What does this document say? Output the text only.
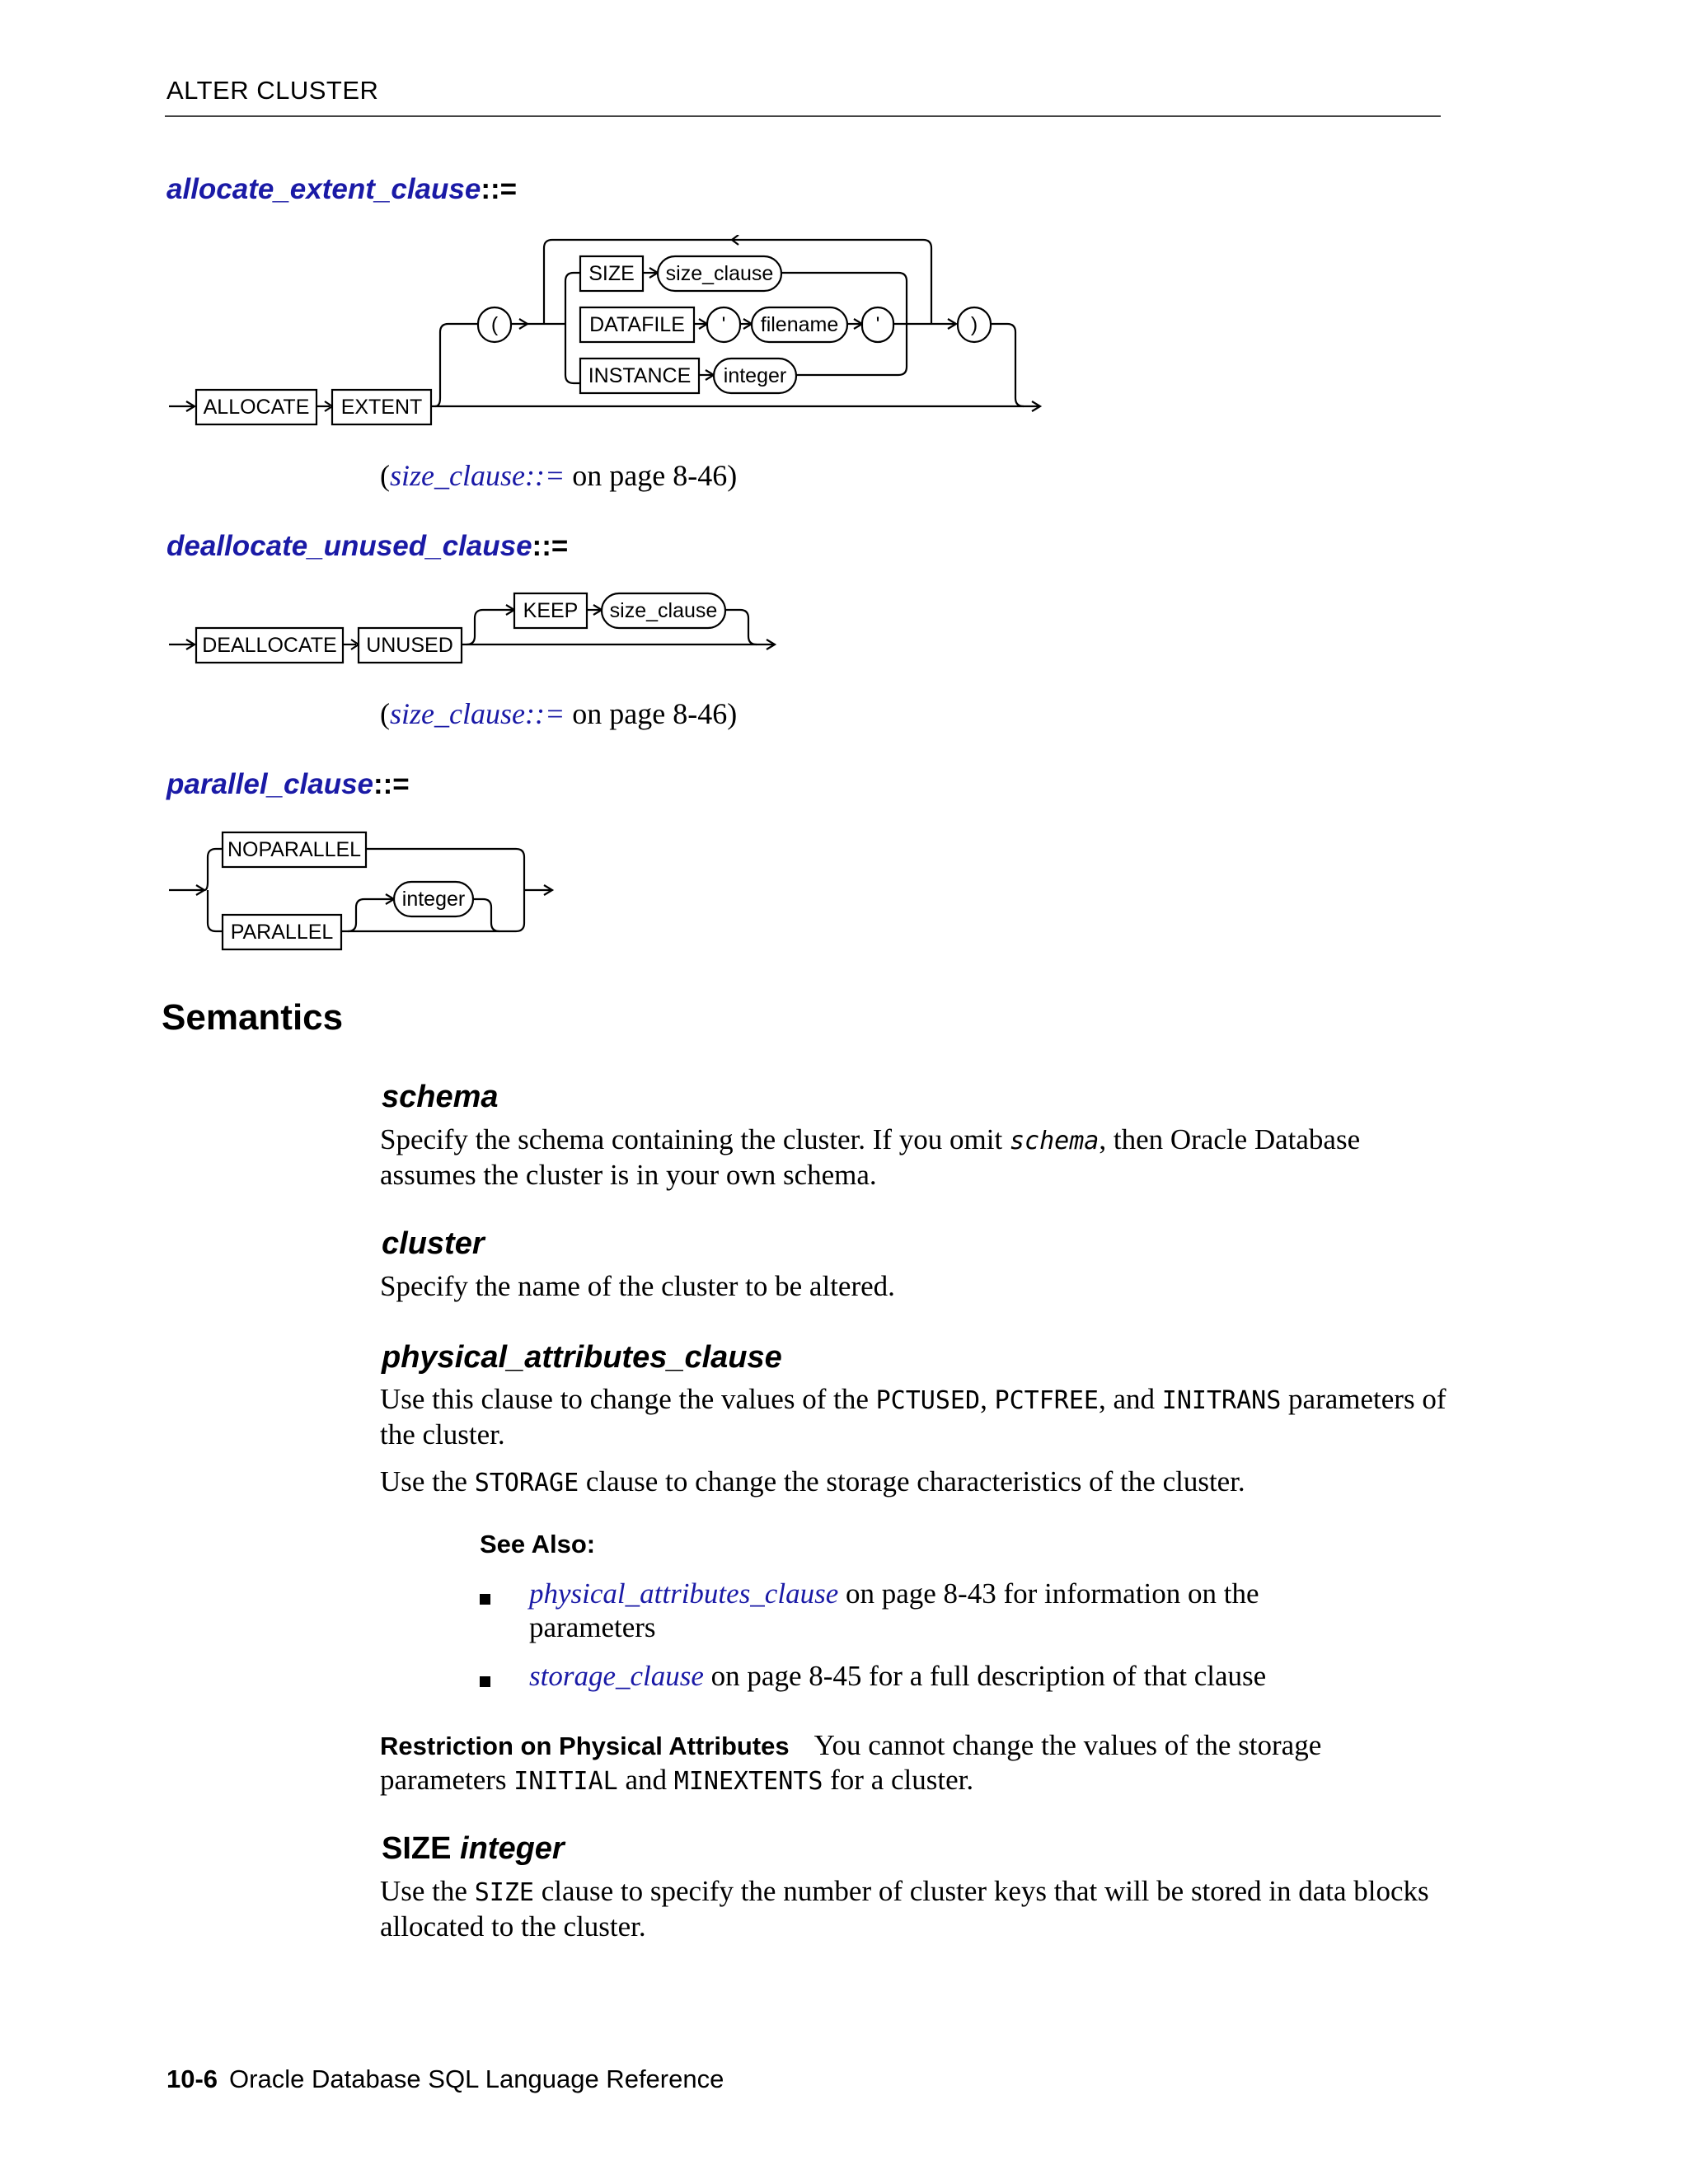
ALTER CLUSTER
allocate_extent_clause::=
ALLOCATE EXTENT
(
SIZE size_clause
DATAFILE ' filename '	)
INSTANCE integer
(size_clause::= on page 8-46)
deallocate_unused_clause::=
DEALLOCATE UNUSED
KEEP size_clause
(size_clause::= on page 8-46)
parallel_clause::=
NOPARALLEL
PARALLEL
integer
Semantics
schema
Specify the schema containing the cluster. If you omit schema, then Oracle Database assumes the cluster is in your own schema.
cluster
Specify the name of the cluster to be altered.
physical_attributes_clause
Use this clause to change the values of the PCTUSED, PCTFREE, and INITRANS parameters of the cluster.
Use the STORAGE clause to change the storage characteristics of the cluster.
See Also:
physical_attributes_clause on page 8-43 for information on the parameters
storage_clause on page 8-45 for a full description of that clause
Restriction on Physical Attributes You cannot change the values of the storage parameters INITIAL and MINEXTENTS for a cluster.
SIZE integer
Use the SIZE clause to specify the number of cluster keys that will be stored in data blocks allocated to the cluster.
10-6 Oracle Database SQL Language Reference
